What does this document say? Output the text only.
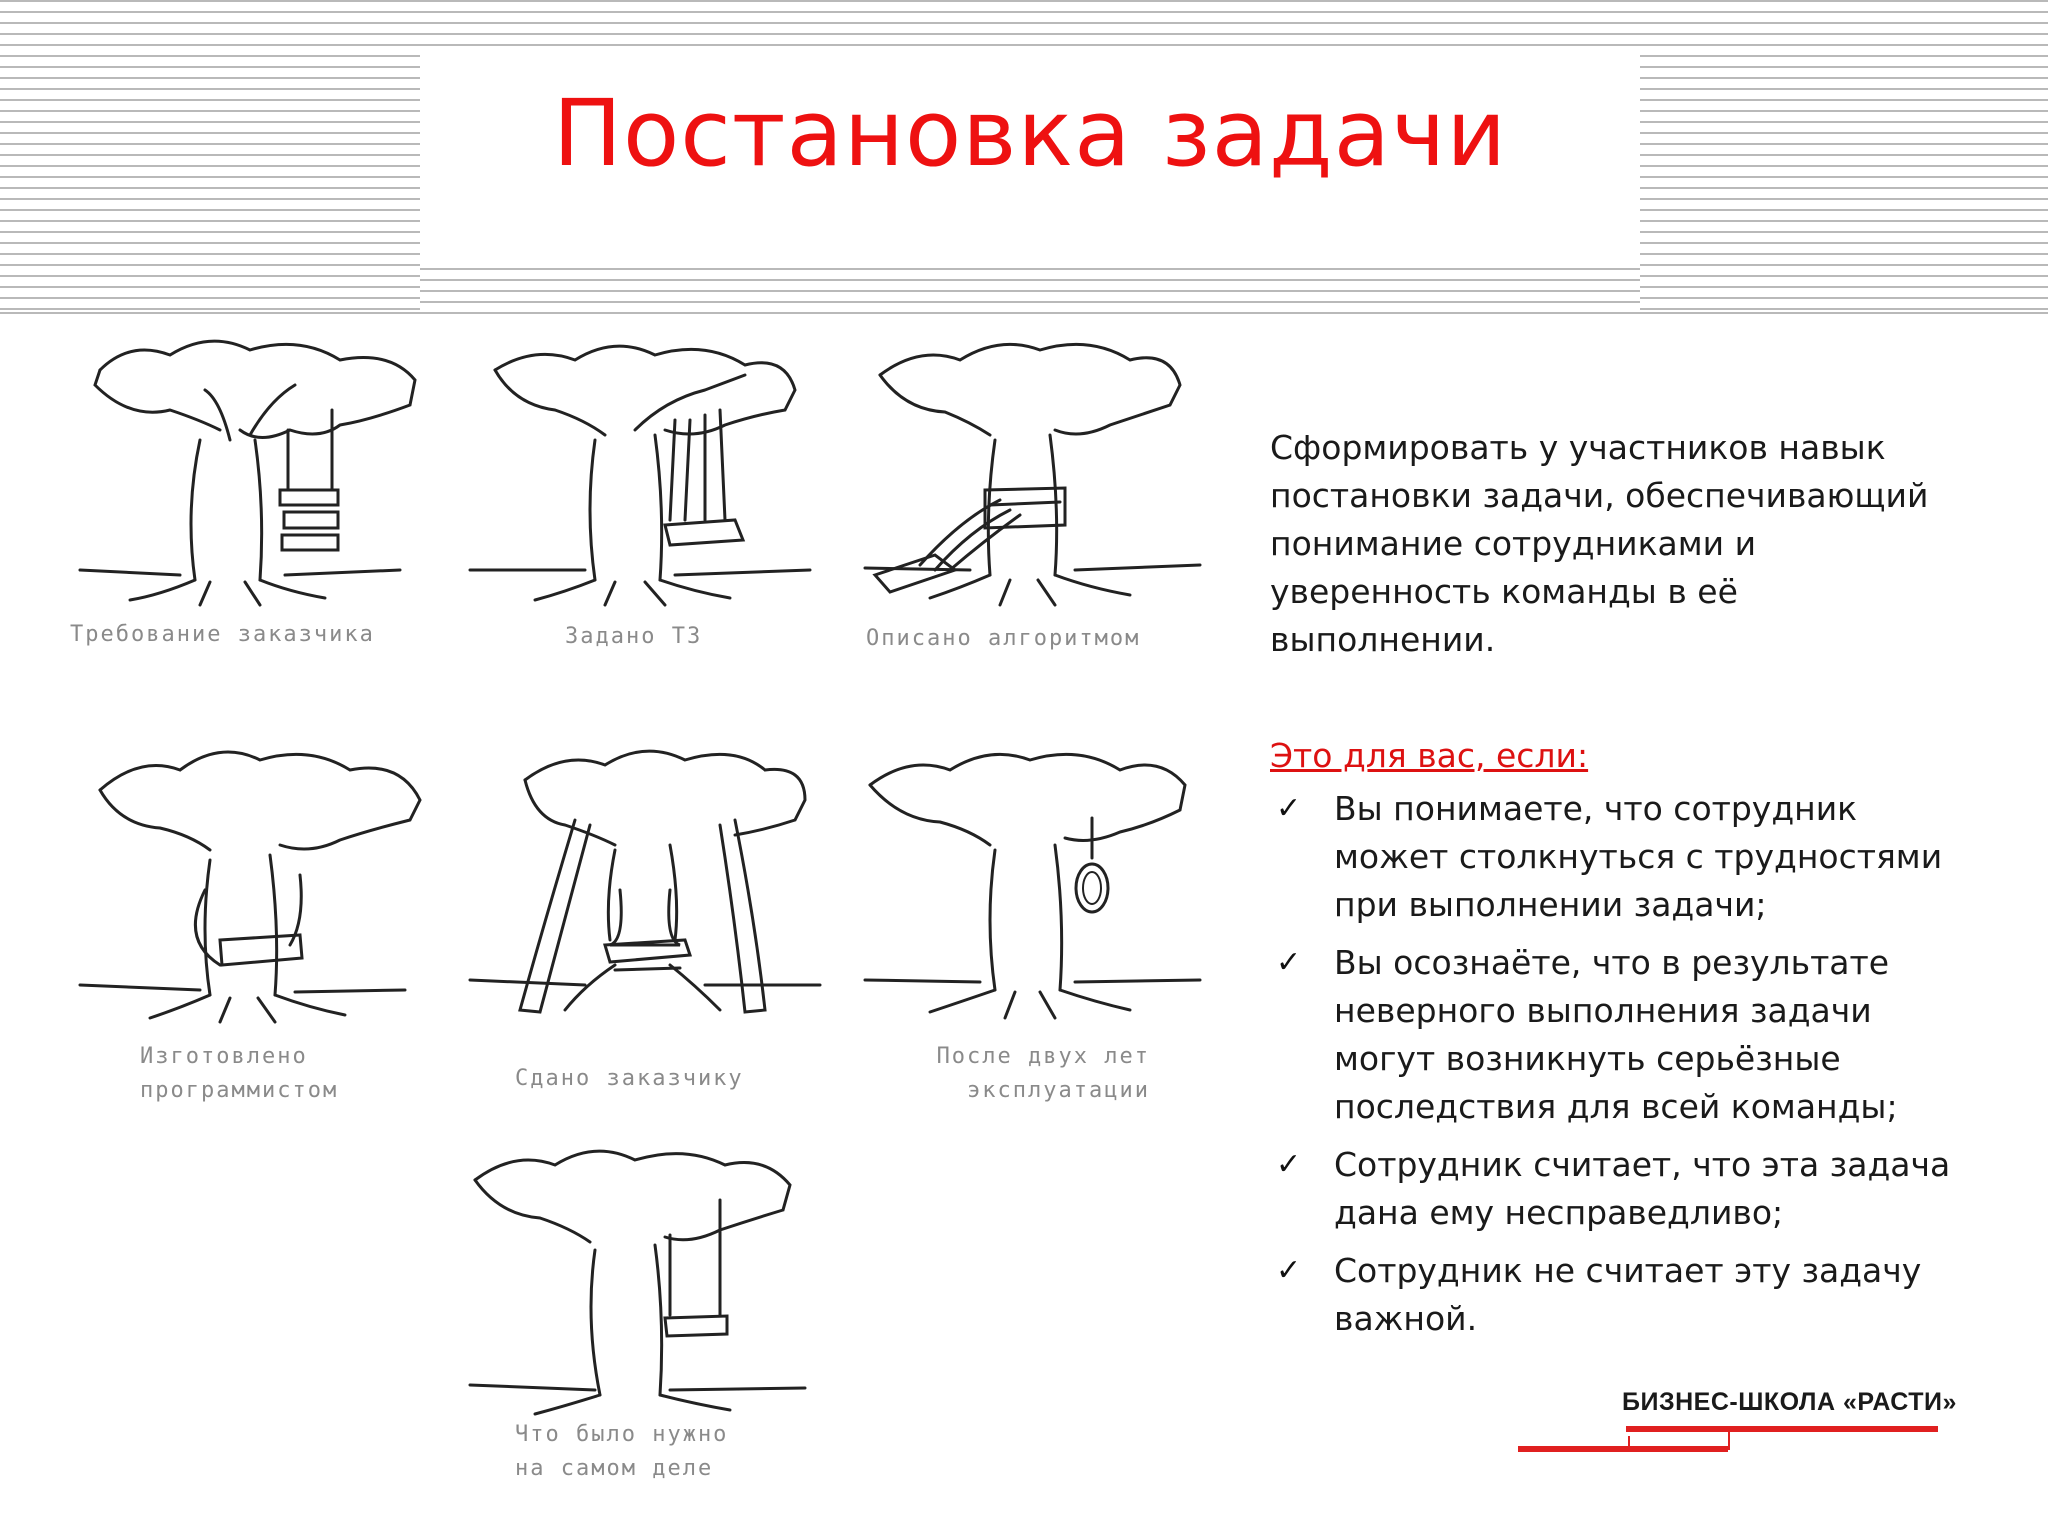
Постановка задачи
Требование заказчика	Задано ТЗ	Описано алгоритмом
Изготовлено
программистом	Сдано заказчику
После двух лет
эксплуатации
Что было нужно
на самом деле
Сформировать у участников навык постановки задачи, обеспечивающий понимание сотрудниками и уверенность команды в её выполнении.
Это для вас, если:
✓ Вы понимаете, что сотрудник может столкнуться с трудностями при выполнении задачи;
✓ Вы осознаёте, что в результате неверного выполнения задачи могут возникнуть серьёзные последствия для всей команды;
✓ Сотрудник считает, что эта задача дана ему несправедливо;
✓ Сотрудник не считает эту задачу важной.
БИЗНЕС-ШКОЛА «РАСТИ»
